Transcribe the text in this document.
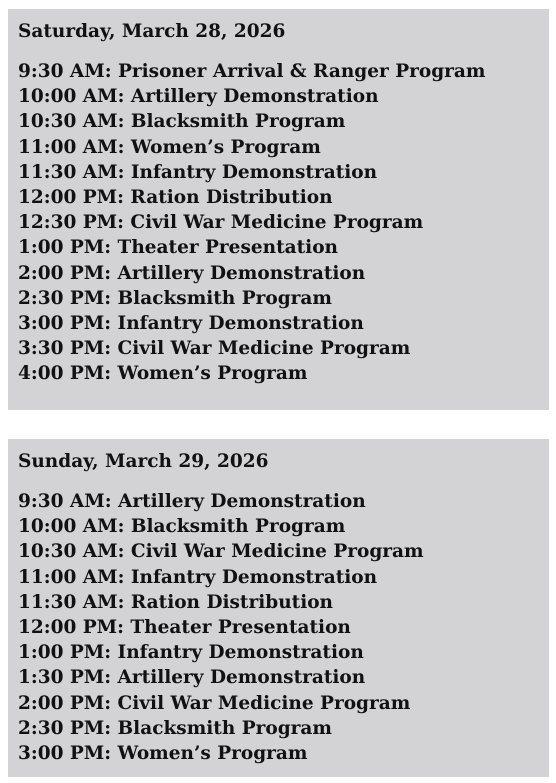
Saturday, March 28, 2026
9:30 AM: Prisoner Arrival & Ranger Program
10:00 AM: Artillery Demonstration
10:30 AM: Blacksmith Program
11:00 AM: Women’s Program
11:30 AM: Infantry Demonstration
12:00 PM: Ration Distribution
12:30 PM: Civil War Medicine Program
1:00 PM: Theater Presentation
2:00 PM: Artillery Demonstration
2:30 PM: Blacksmith Program
3:00 PM: Infantry Demonstration
3:30 PM: Civil War Medicine Program
4:00 PM: Women’s Program
Sunday, March 29, 2026
9:30 AM: Artillery Demonstration
10:00 AM: Blacksmith Program
10:30 AM: Civil War Medicine Program
11:00 AM: Infantry Demonstration
11:30 AM: Ration Distribution
12:00 PM: Theater Presentation
1:00 PM: Infantry Demonstration
1:30 PM: Artillery Demonstration
2:00 PM: Civil War Medicine Program
2:30 PM: Blacksmith Program
3:00 PM: Women’s Program
